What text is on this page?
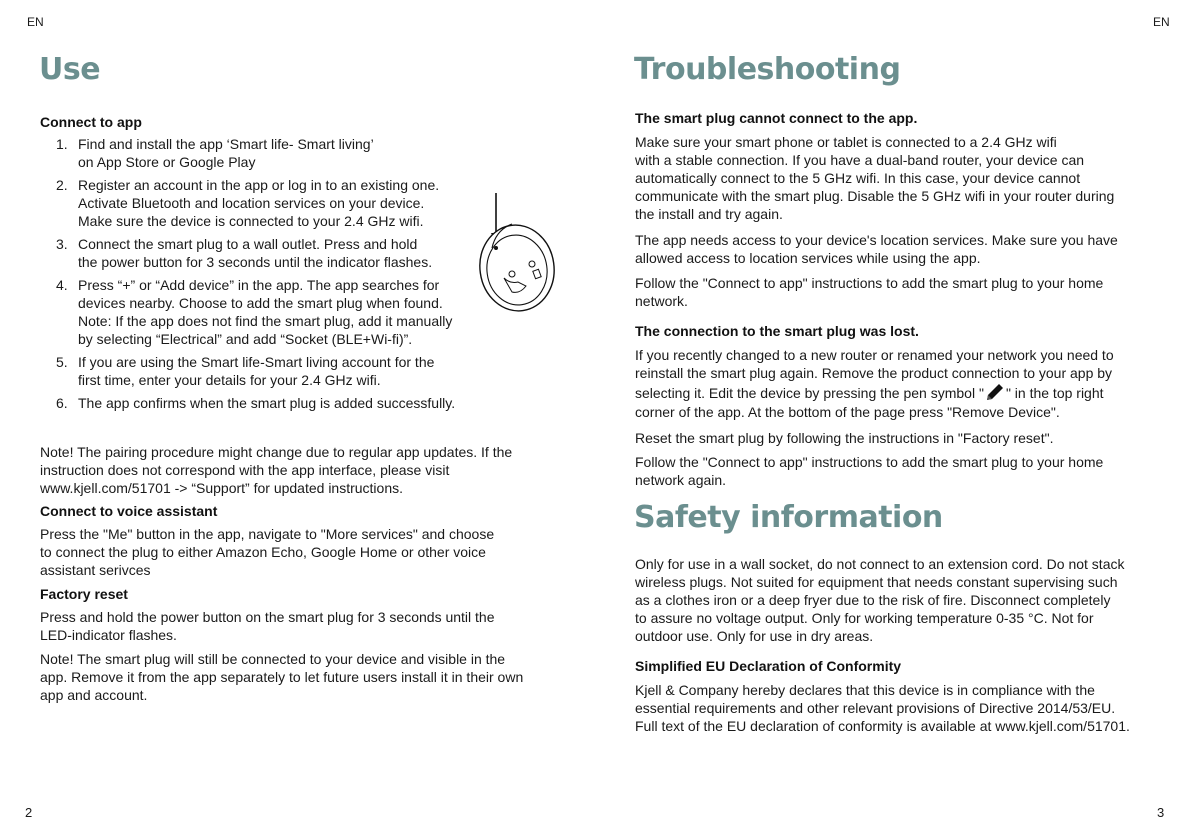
EN	EN
2	3
Use
Connect to app
1. Find and install the app ‘Smart life- Smart living’
on App Store or Google Play
2. Register an account in the app or log in to an existing one.
Activate Bluetooth and location services on your device.
Make sure the device is connected to your 2.4 GHz wifi.
3. Connect the smart plug to a wall outlet. Press and hold
the power button for 3 seconds until the indicator flashes.
4. Press “+” or “Add device” in the app. The app searches for
devices nearby. Choose to add the smart plug when found.
Note: If the app does not find the smart plug, add it manually
by selecting “Electrical” and add “Socket (BLE+Wi-fi)”.
5. If you are using the Smart life-Smart living account for the
first time, enter your details for your 2.4 GHz wifi.
6. The app confirms when the smart plug is added successfully.

Note! The pairing procedure might change due to regular app updates. If the

instruction does not correspond with the app interface, please visit

www.kjell.com/51701 -> “Support” for updated instructions.

Connect to voice assistant

Press the "Me" button in the app, navigate to "More services" and choose

to connect the plug to either Amazon Echo, Google Home or other voice

assistant serivces

Factory reset

Press and hold the power button on the smart plug for 3 seconds until the

LED-indicator flashes.

Note! The smart plug will still be connected to your device and visible in the

app. Remove it from the app separately to let future users install it in their own

app and account.

Troubleshooting
The smart plug cannot connect to the app.

Make sure your smart phone or tablet is connected to a 2.4 GHz wifi

with a stable connection. If you have a dual-band router, your device can

automatically connect to the 5 GHz wifi. In this case, your device cannot

communicate with the smart plug. Disable the 5 GHz wifi in your router during

the install and try again.

The app needs access to your device's location services. Make sure you have

allowed access to location services while using the app.

Follow the "Connect to app" instructions to add the smart plug to your home

network.

The connection to the smart plug was lost.

If you recently changed to a new router or renamed your network you need to

reinstall the smart plug again. Remove the product connection to your app by

selecting it. Edit the device by pressing the pen symbol " " in the top right

corner of the app. At the bottom of the page press "Remove Device".

Reset the smart plug by following the instructions in "Factory reset".

Follow the "Connect to app" instructions to add the smart plug to your home

network again.

Safety information

Only for use in a wall socket, do not connect to an extension cord. Do not stack

wireless plugs. Not suited for equipment that needs constant supervising such

as a clothes iron or a deep fryer due to the risk of fire. Disconnect completely

to assure no voltage output. Only for working temperature 0-35 °C. Not for

outdoor use. Only for use in dry areas.

Simplified EU Declaration of Conformity

Kjell & Company hereby declares that this device is in compliance with the

essential requirements and other relevant provisions of Directive 2014/53/EU.

Full text of the EU declaration of conformity is available at www.kjell.com/51701.
